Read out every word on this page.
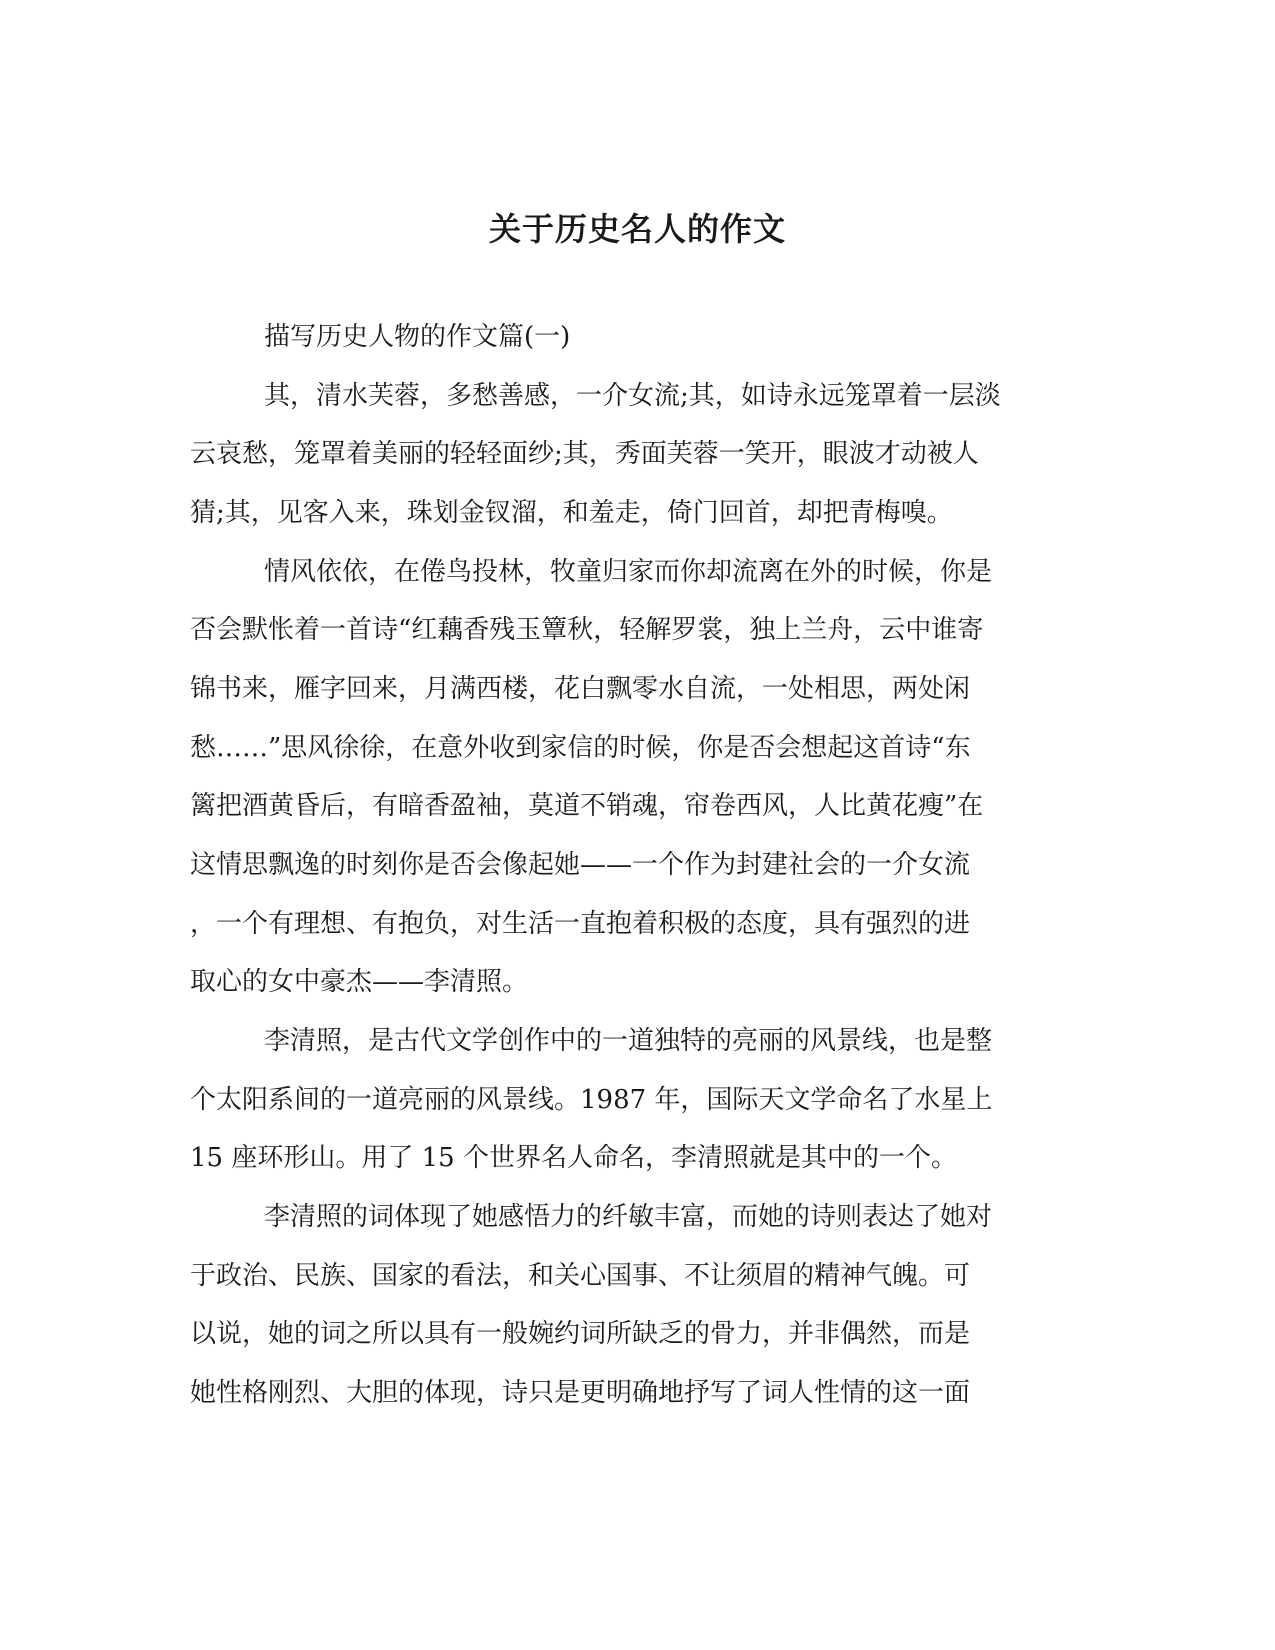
关于历史名人的作文

描写历史人物的作文篇(一)

其，清水芙蓉，多愁善感，一介女流;其，如诗永远笼罩着一层淡

云哀愁，笼罩着美丽的轻轻面纱;其，秀面芙蓉一笑开，眼波才动被人

猜;其，见客入来，珠划金钗溜，和羞走，倚门回首，却把青梅嗅。

情风依依，在倦鸟投林，牧童归家而你却流离在外的时候，你是

否会默怅着一首诗“红藕香残玉簟秋，轻解罗裳，独上兰舟，云中谁寄

锦书来，雁字回来，月满西楼，花白飘零水自流，一处相思，两处闲

愁……”思风徐徐，在意外收到家信的时候，你是否会想起这首诗“东

篱把酒黄昏后，有暗香盈袖，莫道不销魂，帘卷西风，人比黄花瘦”在

这情思飘逸的时刻你是否会像起她——一个作为封建社会的一介女流

，一个有理想、有抱负，对生活一直抱着积极的态度，具有强烈的进

取心的女中豪杰——李清照。

李清照，是古代文学创作中的一道独特的亮丽的风景线，也是整

个太阳系间的一道亮丽的风景线。1987 年，国际天文学命名了水星上

15 座环形山。用了 15 个世界名人命名，李清照就是其中的一个。

李清照的词体现了她感悟力的纤敏丰富，而她的诗则表达了她对

于政治、民族、国家的看法，和关心国事、不让须眉的精神气魄。可

以说，她的词之所以具有一般婉约词所缺乏的骨力，并非偶然，而是

她性格刚烈、大胆的体现，诗只是更明确地抒写了词人性情的这一面
